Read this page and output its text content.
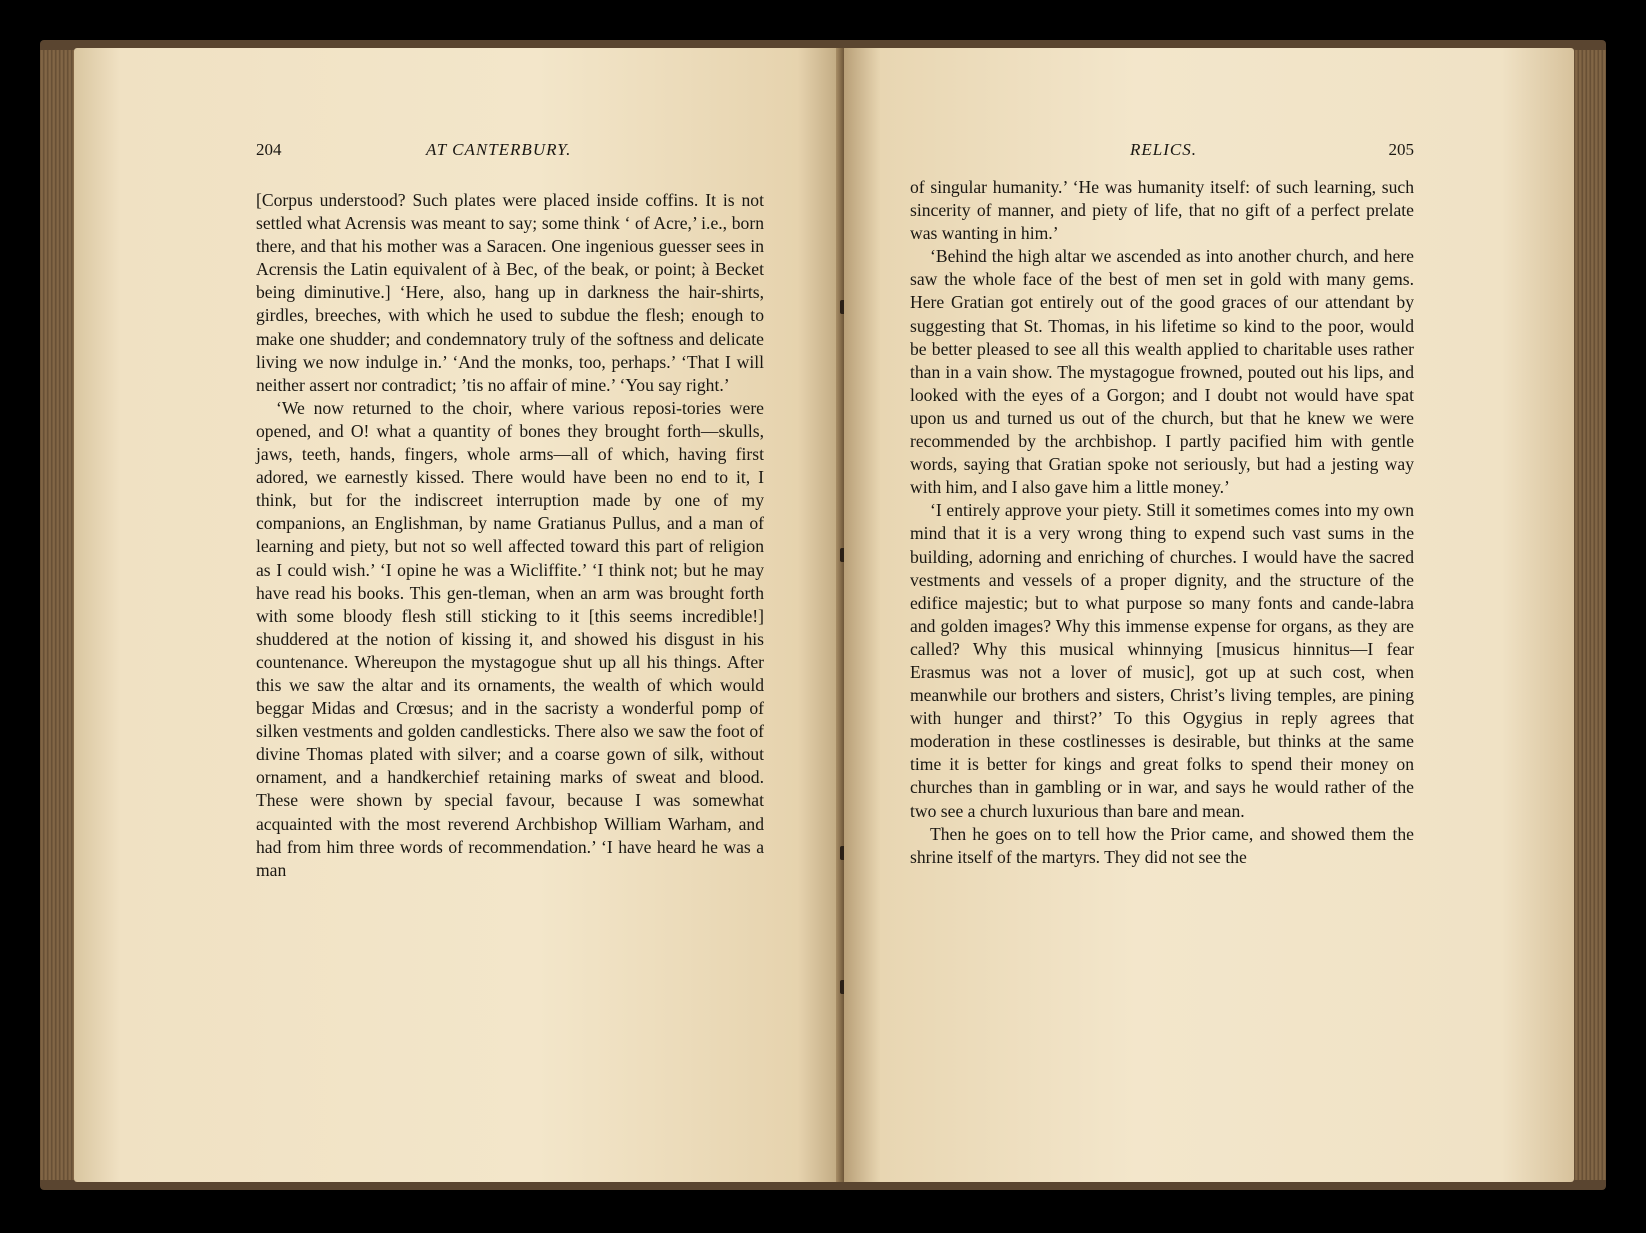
204	AT CANTERBURY.

[Corpus understood? Such plates were placed inside coffins. It is not settled what Acrensis was meant to say; some think ‘ of Acre,’ i.e., born there, and that his mother was a Saracen. One ingenious guesser sees in Acrensis the Latin equivalent of à Bec, of the beak, or point; à Becket being diminutive.] ‘Here, also, hang up in darkness the hair-shirts, girdles, breeches, with which he used to subdue the flesh; enough to make one shudder; and condemnatory truly of the softness and delicate living we now indulge in.’ ‘And the monks, too, perhaps.’ ‘That I will neither assert nor contradict; ’tis no affair of mine.’ ‘You say right.’

‘We now returned to the choir, where various reposi-tories were opened, and O! what a quantity of bones they brought forth—skulls, jaws, teeth, hands, fingers, whole arms—all of which, having first adored, we earnestly kissed. There would have been no end to it, I think, but for the indiscreet interruption made by one of my companions, an Englishman, by name Gratianus Pullus, and a man of learning and piety, but not so well affected toward this part of religion as I could wish.’ ‘I opine he was a Wicliffite.’ ‘I think not; but he may have read his books. This gen-tleman, when an arm was brought forth with some bloody flesh still sticking to it [this seems incredible!] shuddered at the notion of kissing it, and showed his disgust in his countenance. Whereupon the mystagogue shut up all his things. After this we saw the altar and its ornaments, the wealth of which would beggar Midas and Crœsus; and in the sacristy a wonderful pomp of silken vestments and golden candlesticks. There also we saw the foot of divine Thomas plated with silver; and a coarse gown of silk, without ornament, and a handkerchief retaining marks of sweat and blood. These were shown by special favour, because I was somewhat acquainted with the most reverend Archbishop William Warham, and had from him three words of recommendation.’ ‘I have heard he was a man

RELICS.	205

of singular humanity.’ ‘He was humanity itself: of such learning, such sincerity of manner, and piety of life, that no gift of a perfect prelate was wanting in him.’

‘Behind the high altar we ascended as into another church, and here saw the whole face of the best of men set in gold with many gems. Here Gratian got entirely out of the good graces of our attendant by suggesting that St. Thomas, in his lifetime so kind to the poor, would be better pleased to see all this wealth applied to charitable uses rather than in a vain show. The mystagogue frowned, pouted out his lips, and looked with the eyes of a Gorgon; and I doubt not would have spat upon us and turned us out of the church, but that he knew we were recommended by the archbishop. I partly pacified him with gentle words, saying that Gratian spoke not seriously, but had a jesting way with him, and I also gave him a little money.’

‘I entirely approve your piety. Still it sometimes comes into my own mind that it is a very wrong thing to expend such vast sums in the building, adorning and enriching of churches. I would have the sacred vestments and vessels of a proper dignity, and the structure of the edifice majestic; but to what purpose so many fonts and cande-labra and golden images? Why this immense expense for organs, as they are called? Why this musical whinnying [musicus hinnitus—I fear Erasmus was not a lover of music], got up at such cost, when meanwhile our brothers and sisters, Christ’s living temples, are pining with hunger and thirst?’ To this Ogygius in reply agrees that moderation in these costlinesses is desirable, but thinks at the same time it is better for kings and great folks to spend their money on churches than in gambling or in war, and says he would rather of the two see a church luxurious than bare and mean.

Then he goes on to tell how the Prior came, and showed them the shrine itself of the martyrs. They did not see the
